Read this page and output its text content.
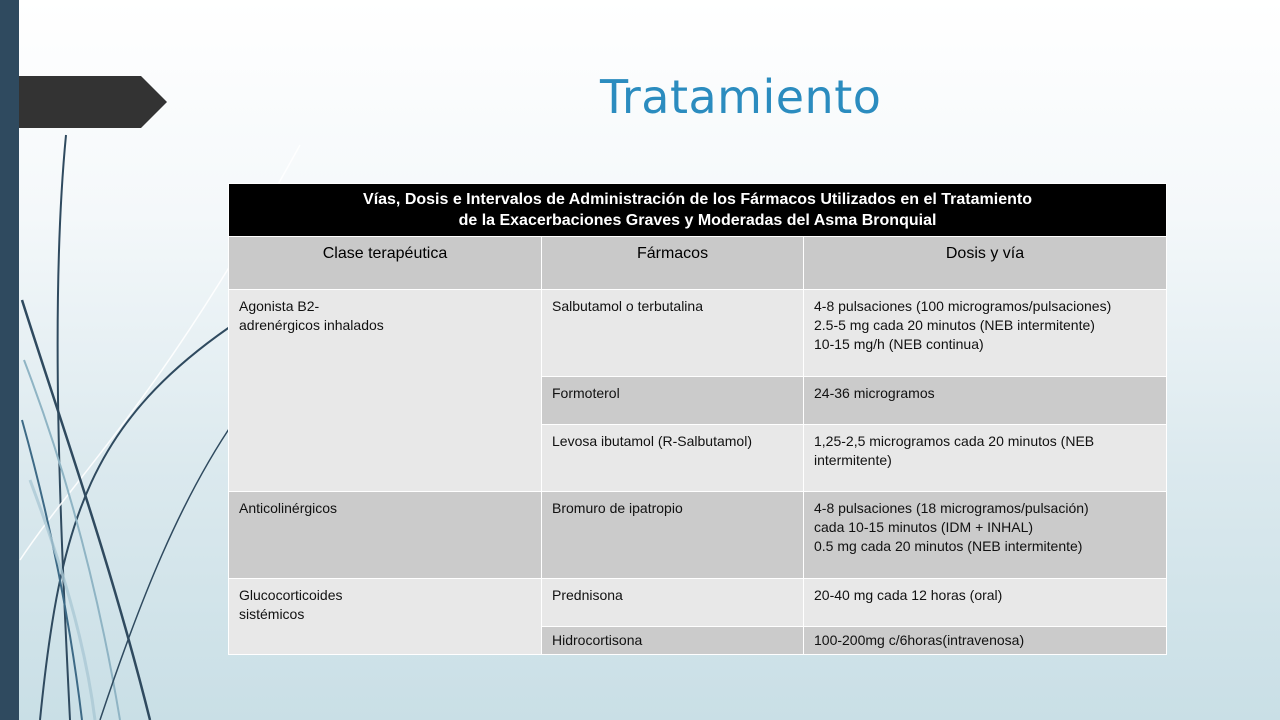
Tratamiento
Vías, Dosis e Intervalos de Administración de los Fármacos Utilizados en el Tratamiento
de la Exacerbaciones Graves y Moderadas del Asma Bronquial		

Clase terapéutica	Fármacos	Dosis y vía

Agonista B2-
adrenérgicos inhalados	Salbutamol o terbutalina	4-8 pulsaciones (100 microgramos/pulsaciones)
2.5-5 mg cada 20 minutos (NEB intermitente)
10-15 mg/h (NEB continua)

	Formoterol	24-36 microgramos

	Levosa ibutamol (R-Salbutamol)	1,25-2,5 microgramos cada 20 minutos (NEB
intermitente)

Anticolinérgicos	Bromuro de ipatropio	4-8 pulsaciones (18 microgramos/pulsación)
cada 10-15 minutos (IDM + INHAL)
0.5 mg cada 20 minutos (NEB intermitente)

Glucocorticoides
sistémicos	Prednisona	20-40 mg cada 12 horas (oral)

	Hidrocortisona	100-200mg c/6horas(intravenosa)
